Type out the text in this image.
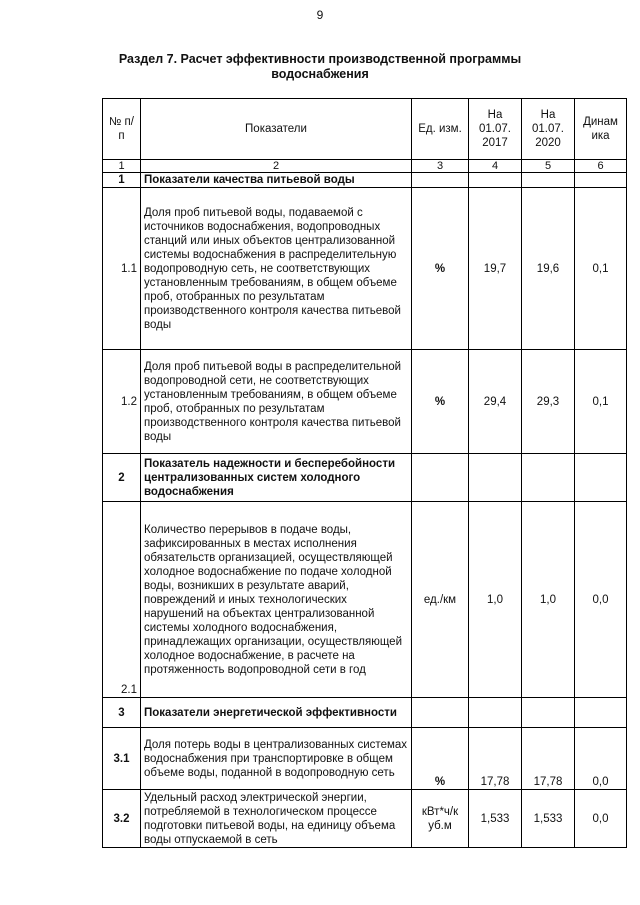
9
Раздел 7. Расчет эффективности производственной программы
водоснабжения
№ п/п	Показатели	Ед. изм.	На 01.07. 2017	На 01.07. 2020	Динам ика
1	2	3	4	5	6
1	Показатели качества питьевой воды				
1.1	Доля проб питьевой воды, подаваемой с источников водоснабжения, водопроводных станций или иных объектов централизованной системы водоснабжения в распределительную водопроводную сеть, не соответствующих установленным требованиям, в общем объеме проб, отобранных по результатам производственного контроля качества питьевой воды	%	19,7	19,6	0,1
1.2	Доля проб питьевой воды в распределительной водопроводной сети, не соответствующих установленным требованиям, в общем объеме проб, отобранных по результатам производственного контроля качества питьевой воды	%	29,4	29,3	0,1
2	Показатель надежности и бесперебойности централизованных систем холодного водоснабжения				
2.1	Количество перерывов в подаче воды, зафиксированных в местах исполнения обязательств организацией, осуществляющей холодное водоснабжение по подаче холодной воды, возникших в результате аварий, повреждений и иных технологических нарушений на объектах централизованной системы холодного водоснабжения, принадлежащих организации, осуществляющей холодное водоснабжение, в расчете на протяженность водопроводной сети в год	ед./км	1,0	1,0	0,0
3	Показатели энергетической эффективности				
3.1	Доля потерь воды в централизованных системах водоснабжения при транспортировке в общем объеме воды, поданной в водопроводную сеть	%	17,78	17,78	0,0
3.2	Удельный расход электрической энергии, потребляемой в технологическом процессе подготовки питьевой воды, на единицу объема воды отпускаемой в сеть	кВт*ч/к уб.м	1,533	1,533	0,0
